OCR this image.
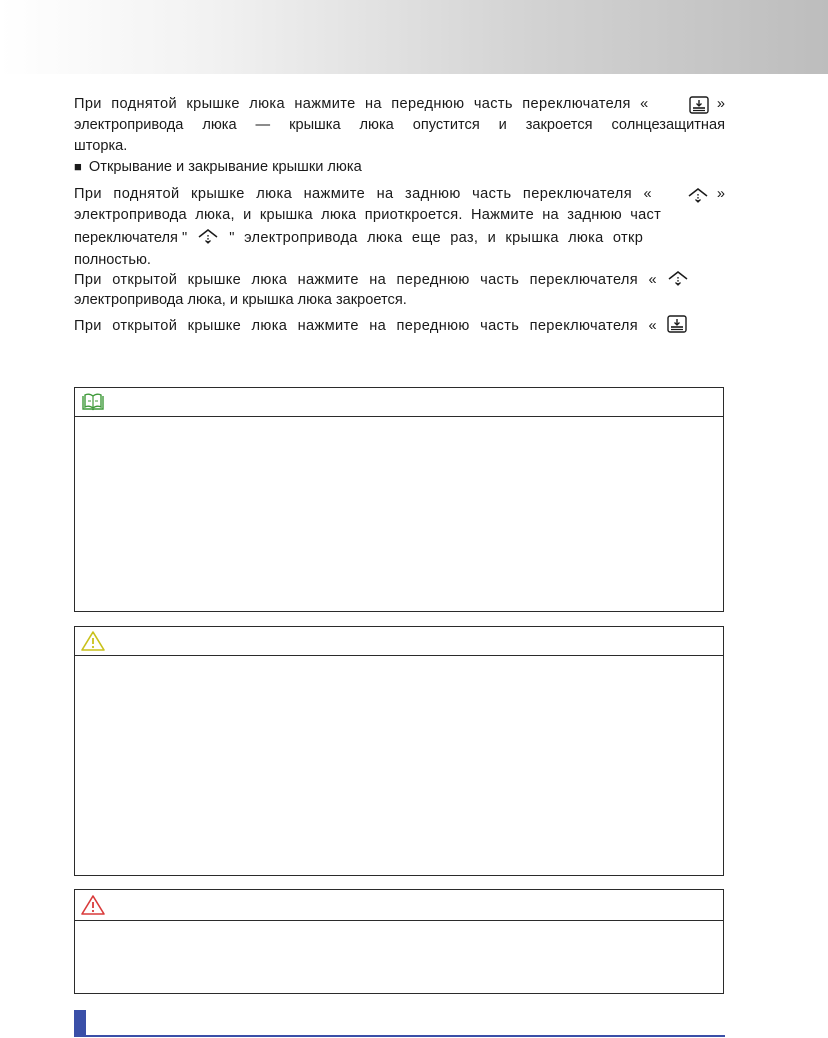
При поднятой крышке люка нажмите на переднюю часть переключателя «	»
электропривода люка — крышка люка опустится и закроется солнцезащитная
шторка.
■ Открывание и закрывание крышки люка
При поднятой крышке люка нажмите на заднюю часть переключателя «	»
электропривода люка, и крышка люка приоткроется. Нажмите на заднюю част
переключателя "	" электропривода люка еще раз, и крышка люка откр
полностью.
При открытой крышке люка нажмите на переднюю часть переключателя «
электропривода люка, и крышка люка закроется.
При открытой крышке люка нажмите на переднюю часть переключателя «
